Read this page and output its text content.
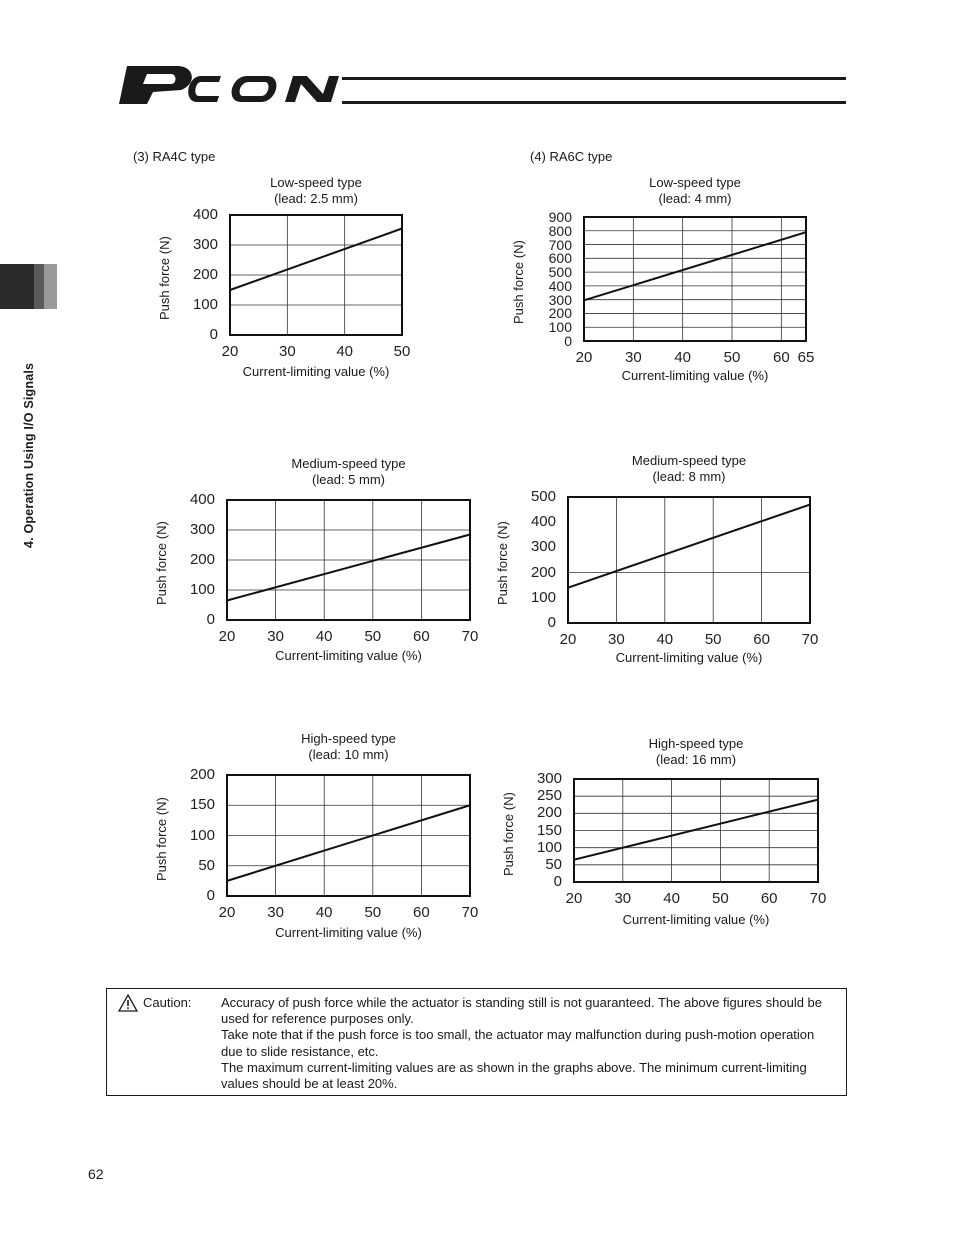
PCON
4. Operation Using I/O Signals
(3) RA4C type	(4) RA6C type
Low-speed type
(lead: 2.5 mm)
0
100
200
300
400
20	30	40	50
Current-limiting value (%)
Push force (N)
Low-speed type
(lead: 4 mm)
0
100
200
300
400
500
600
700
800
900
20	30	40	50	60 65
Current-limiting value (%)
Push force (N)
Medium-speed type
(lead: 5 mm)
0
100
200
300
400
20	30	40	50	60	70
Current-limiting value (%)
Push force (N)
Medium-speed type
(lead: 8 mm)
0
100
200
300
400
500
20	30	40	50	60	70
Current-limiting value (%)
Push force (N)
High-speed type
(lead: 10 mm)
0
50
100
150
200
20	30	40	50	60	70
Current-limiting value (%)
Push force (N)
High-speed type
(lead: 16 mm)
0
50
100
150
200
250
300
20	30	40	50	60	70
Current-limiting value (%)
Push force (N)
Caution: Accuracy of push force while the actuator is standing still is not guaranteed. The above figures should be used for reference purposes only.
Take note that if the push force is too small, the actuator may malfunction during push-motion operation due to slide resistance, etc.
The maximum current-limiting values are as shown in the graphs above. The minimum current-limiting values should be at least 20%.
62
